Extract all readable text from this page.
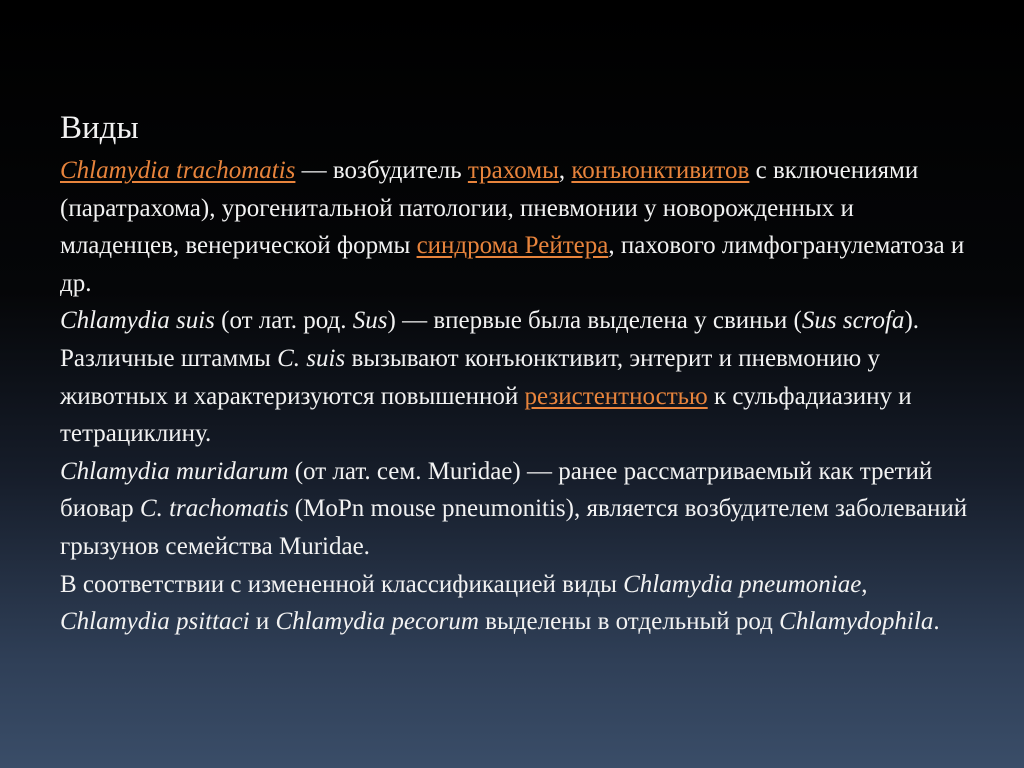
Виды

Chlamydia trachomatis — возбудитель трахомы, конъюнктивитов с включениями (паратрахома), урогенитальной патологии, пневмонии у новорожденных и младенцев, венерической формы синдрома Рейтера, пахового лимфогранулематоза и др.

Chlamydia suis (от лат. род. Sus) — впервые была выделена у свиньи (Sus scrofa). Различные штаммы C. suis вызывают конъюнктивит, энтерит и пневмонию у животных и характеризуются повышенной резистентностью к сульфадиазину и тетрациклину.

Chlamydia muridarum (от лат. сем. Muridae) — ранее рассматриваемый как третий биовар C. trachomatis (MoPn mouse pneumonitis), является возбудителем заболеваний грызунов семейства Muridae.

В соответствии с измененной классификацией виды Chlamydia pneumoniae, Chlamydia psittaci и Chlamydia pecorum выделены в отдельный род Chlamydophila.
